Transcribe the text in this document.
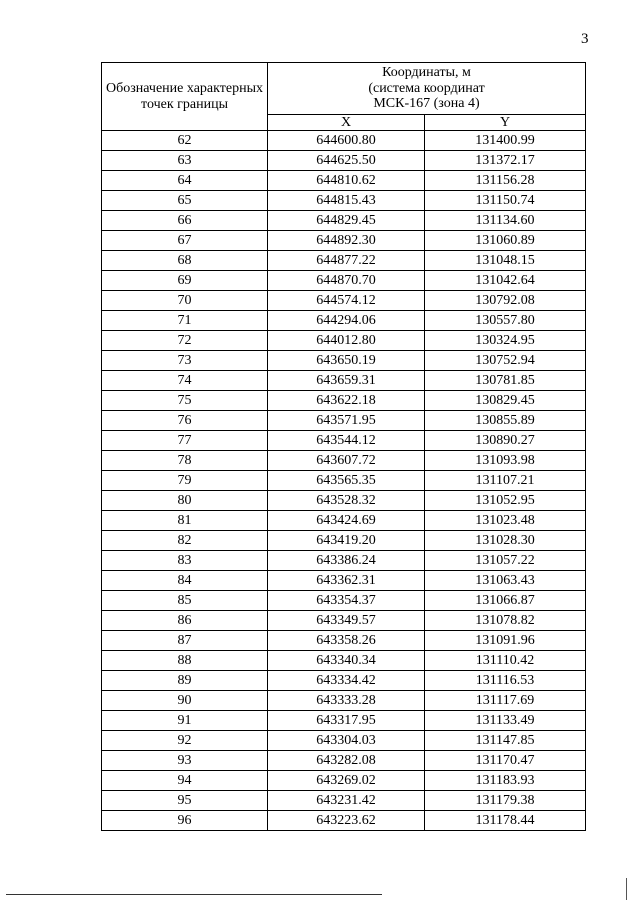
3
Обозначение характерных точек границы	Координаты, м
(система координат
МСК-167 (зона 4)	

	X	Y
62	644600.80	131400.99
63	644625.50	131372.17
64	644810.62	131156.28
65	644815.43	131150.74
66	644829.45	131134.60
67	644892.30	131060.89
68	644877.22	131048.15
69	644870.70	131042.64
70	644574.12	130792.08
71	644294.06	130557.80
72	644012.80	130324.95
73	643650.19	130752.94
74	643659.31	130781.85
75	643622.18	130829.45
76	643571.95	130855.89
77	643544.12	130890.27
78	643607.72	131093.98
79	643565.35	131107.21
80	643528.32	131052.95
81	643424.69	131023.48
82	643419.20	131028.30
83	643386.24	131057.22
84	643362.31	131063.43
85	643354.37	131066.87
86	643349.57	131078.82
87	643358.26	131091.96
88	643340.34	131110.42
89	643334.42	131116.53
90	643333.28	131117.69
91	643317.95	131133.49
92	643304.03	131147.85
93	643282.08	131170.47
94	643269.02	131183.93
95	643231.42	131179.38
96	643223.62	131178.44
